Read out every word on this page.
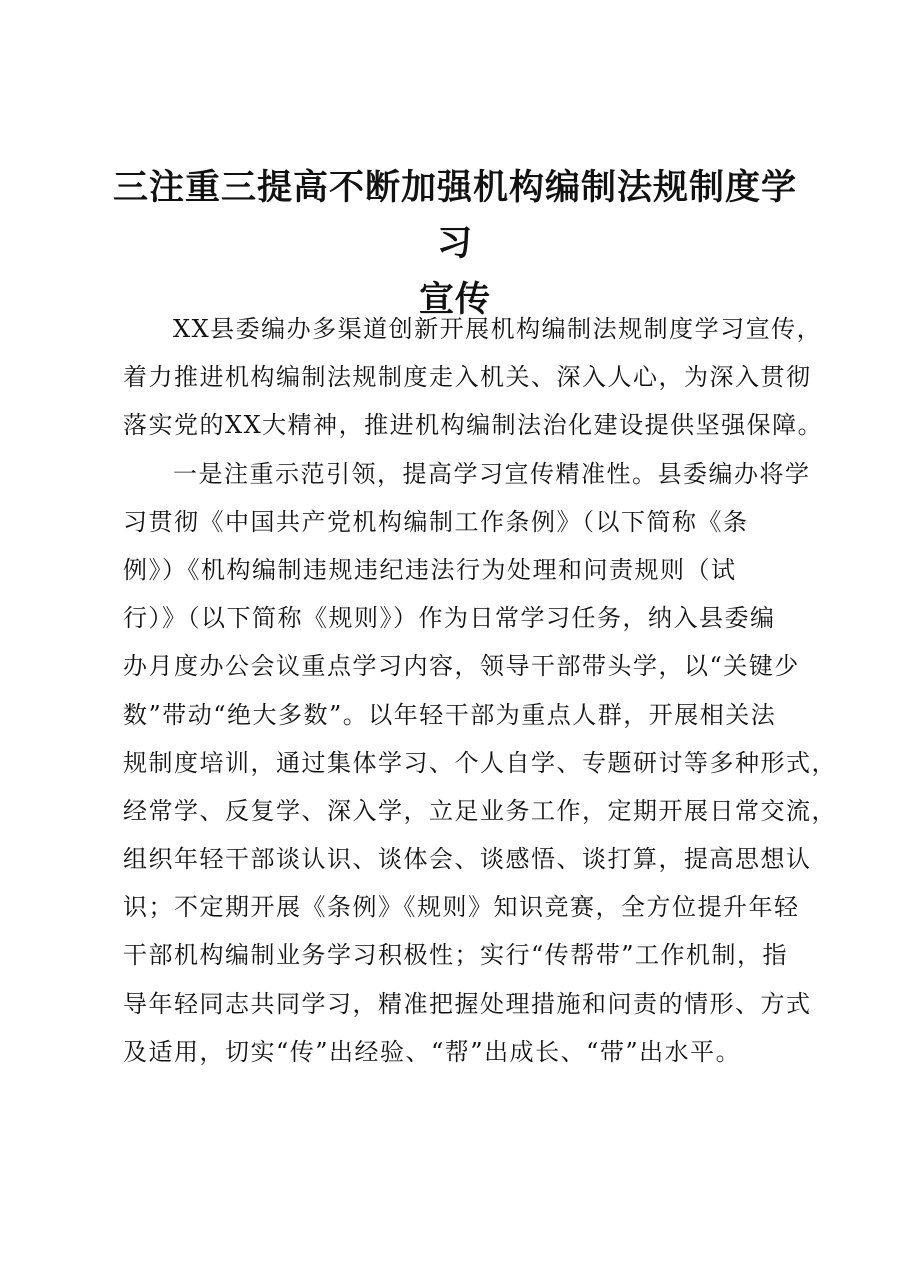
三注重三提高不断加强机构编制法规制度学习
宣传
XX县委编办多渠道创新开展机构编制法规制度学习宣传，
着力推进机构编制法规制度走入机关、深入人心，为深入贯彻
落实党的XX大精神，推进机构编制法治化建设提供坚强保障。
一是注重示范引领，提高学习宣传精准性。县委编办将学
习贯彻《中国共产党机构编制工作条例》（以下简称《条
例》）《机构编制违规违纪违法行为处理和问责规则（试
行）》（以下简称《规则》）作为日常学习任务，纳入县委编
办月度办公会议重点学习内容，领导干部带头学，以“关键少
数”带动“绝大多数”。以年轻干部为重点人群，开展相关法
规制度培训，通过集体学习、个人自学、专题研讨等多种形式，
经常学、反复学、深入学，立足业务工作，定期开展日常交流，
组织年轻干部谈认识、谈体会、谈感悟、谈打算，提高思想认
识；不定期开展《条例》《规则》知识竞赛，全方位提升年轻
干部机构编制业务学习积极性；实行“传帮带”工作机制，指
导年轻同志共同学习，精准把握处理措施和问责的情形、方式
及适用，切实“传”出经验、“帮”出成长、“带”出水平。
